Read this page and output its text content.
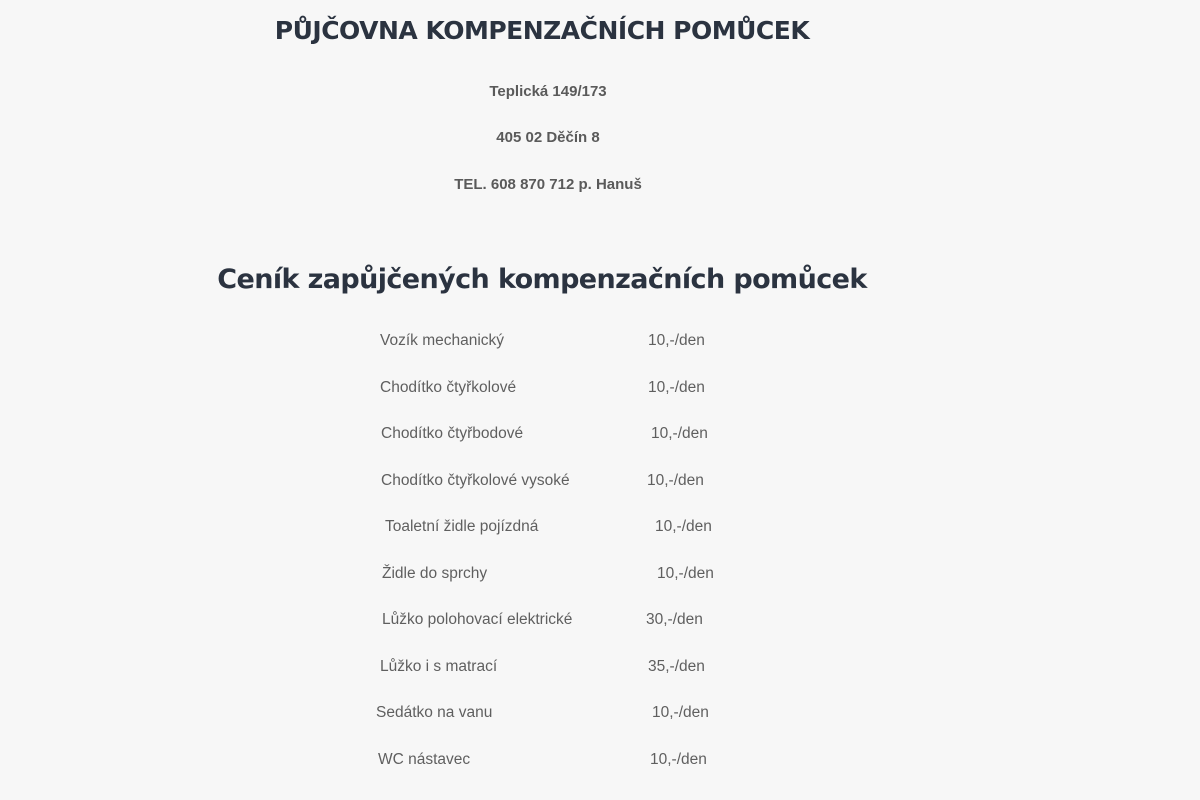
PŮJČOVNA KOMPENZAČNÍCH POMŮCEK

Teplická 149/173

405 02 Děčín 8

TEL. 608 870 712 p. Hanuš

Ceník zapůjčených kompenzačních pomůcek
Vozík mechanický	10,-/den
Chodítko čtyřkolové	10,-/den
Chodítko čtyřbodové	10,-/den
Chodítko čtyřkolové vysoké	10,-/den
Toaletní židle pojízdná	10,-/den
Židle do sprchy	10,-/den
Lůžko polohovací elektrické	30,-/den
Lůžko i s matrací	35,-/den
Sedátko na vanu	10,-/den
WC nástavec	10,-/den
